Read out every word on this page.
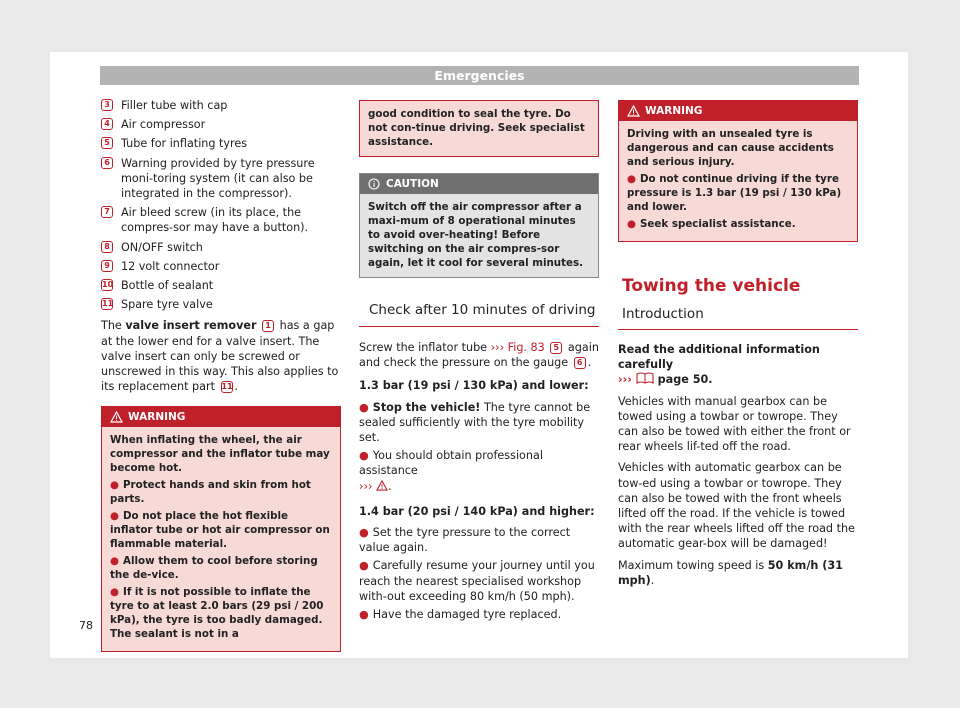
Emergencies
3 Filler tube with cap
4 Air compressor
5 Tube for inflating tyres
6 Warning provided by tyre pressure moni-toring system (it can also be integrated in the compressor).
7 Air bleed screw (in its place, the compres-sor may have a button).
8 ON/OFF switch
9 12 volt connector
10 Bottle of sealant
11 Spare tyre valve

The valve insert remover 1 has a gap at the lower end for a valve insert. The valve insert can only be screwed or unscrewed in this way. This also applies to its replacement part 11 .

WARNING
When inflating the wheel, the air compressor and the inflator tube may become hot.
● Protect hands and skin from hot parts.
● Do not place the hot flexible inflator tube or hot air compressor on flammable material.
● Allow them to cool before storing the de-vice.
● If it is not possible to inflate the tyre to at least 2.0 bars (29 psi / 200 kPa), the tyre is too badly damaged. The sealant is not in a
good condition to seal the tyre. Do not con-tinue driving. Seek specialist assistance.
CAUTION
Switch off the air compressor after a maxi-mum of 8 operational minutes to avoid over-heating! Before switching on the air compres-sor again, let it cool for several minutes.
Check after 10 minutes of driving

Screw the inflator tube ››› Fig. 83 5 again and check the pressure on the gauge 6 .

1.3 bar (19 psi / 130 kPa) and lower:

● Stop the vehicle! The tyre cannot be sealed sufficiently with the tyre mobility set.
● You should obtain professional assistance
››› .

1.4 bar (20 psi / 140 kPa) and higher:

● Set the tyre pressure to the correct value again.
● Carefully resume your journey until you reach the nearest specialised workshop with-out exceeding 80 km/h (50 mph).
● Have the damaged tyre replaced.
WARNING
Driving with an unsealed tyre is dangerous and can cause accidents and serious injury.
● Do not continue driving if the tyre pressure is 1.3 bar (19 psi / 130 kPa) and lower.
● Seek specialist assistance.
Towing the vehicle
Introduction

Read the additional information carefully
››› page 50.

Vehicles with manual gearbox can be towed using a towbar or towrope. They can also be towed with either the front or rear wheels lif-ted off the road.

Vehicles with automatic gearbox can be tow-ed using a towbar or towrope. They can also be towed with the front wheels lifted off the road. If the vehicle is towed with the rear wheels lifted off the road the automatic gear-box will be damaged!

Maximum towing speed is 50 km/h (31 mph).

78
